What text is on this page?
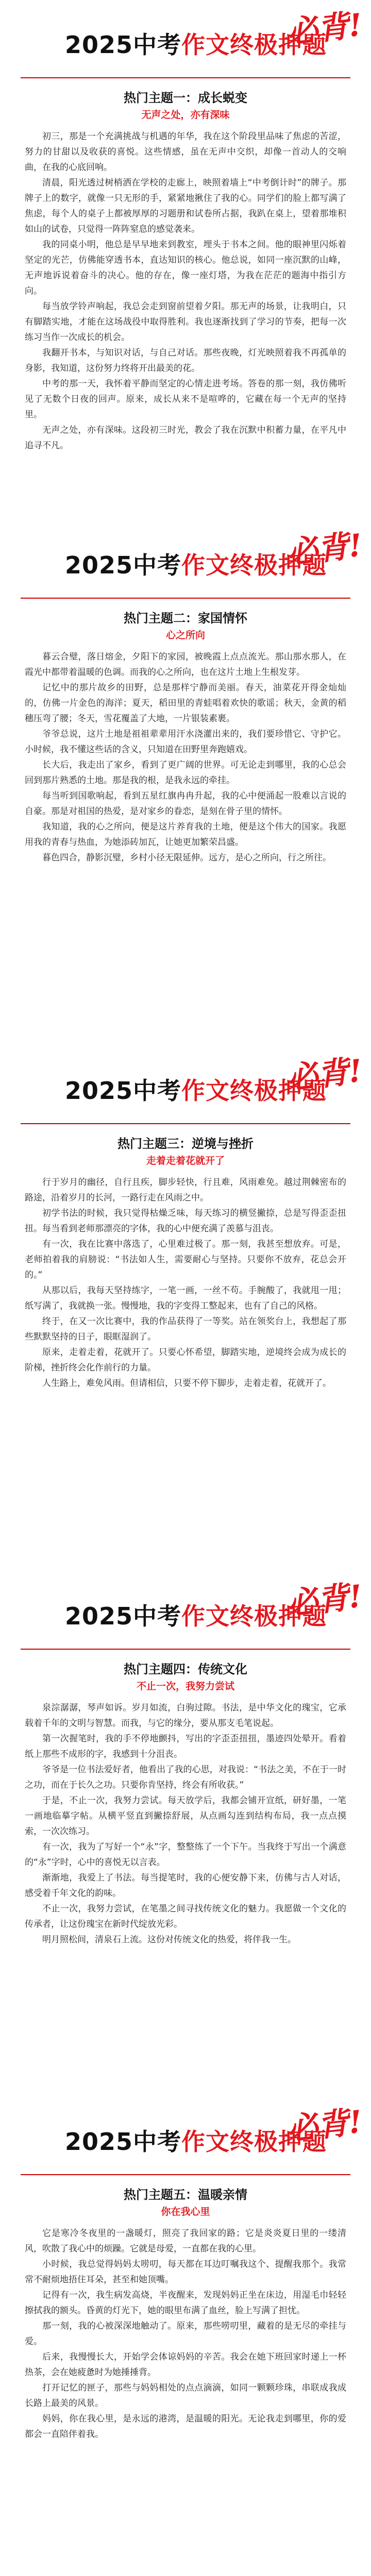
2025中考作文终极押题
必背!
热门主题一：成长蜕变
无声之处，亦有深味

初三，那是一个充满挑战与机遇的年华，我在这个阶段里品味了焦虑的苦涩，努力的甘甜以及收获的喜悦。这些情感，虽在无声中交织，却像一首动人的交响曲，在我的心底回响。

清晨，阳光透过树梢洒在学校的走廊上，映照着墙上“中考倒计时”的牌子。那牌子上的数字，就像一只无形的手，紧紧地揪住了我的心。同学们的脸上都写满了焦虑，每个人的桌子上都被厚厚的习题册和试卷所占据，我趴在桌上，望着那堆积如山的试卷，只觉得一阵阵窒息的感觉袭来。

我的同桌小明，他总是早早地来到教室，埋头于书本之间。他的眼神里闪烁着坚定的光芒，仿佛能穿透书本，直达知识的核心。他总说，如同一座沉默的山峰，无声地诉说着奋斗的决心。他的存在，像一座灯塔，为我在茫茫的题海中指引方向。

每当放学铃声响起，我总会走到窗前望着夕阳。那无声的场景，让我明白，只有脚踏实地，才能在这场战役中取得胜利。我也逐渐找到了学习的节奏，把每一次练习当作一次成长的机会。

我翻开书本，与知识对话，与自己对话。那些夜晚，灯光映照着我不再孤单的身影，我知道，这份努力终将开出最美的花。

中考的那一天，我怀着平静而坚定的心情走进考场。答卷的那一刻，我仿佛听见了无数个日夜的回声。原来，成长从来不是喧哗的，它藏在每一个无声的坚持里。

无声之处，亦有深味。这段初三时光，教会了我在沉默中积蓄力量，在平凡中追寻不凡。

2025中考作文终极押题
必背!
热门主题二：家国情怀
心之所向

暮云合璧，落日熔金，夕阳下的家园，被晚霞上点点流光。那山那水那人，在霞光中都带着温暖的色调。而我的心之所向，也在这片土地上生根发芽。

记忆中的那片故乡的田野，总是那样宁静而美丽。春天，油菜花开得金灿灿的，仿佛一片金色的海洋；夏天，稻田里的青蛙唱着欢快的歌谣；秋天，金黄的稻穗压弯了腰；冬天，雪花覆盖了大地，一片银装素裹。

爷爷总说，这片土地是祖祖辈辈用汗水浇灌出来的，我们要珍惜它、守护它。小时候，我不懂这些话的含义，只知道在田野里奔跑嬉戏。

长大后，我走出了家乡，看到了更广阔的世界。可无论走到哪里，我的心总会回到那片熟悉的土地。那是我的根，是我永远的牵挂。

每当听到国歌响起，看到五星红旗冉冉升起，我的心中便涌起一股难以言说的自豪。那是对祖国的热爱，是对家乡的眷恋，是刻在骨子里的情怀。

我知道，我的心之所向，便是这片养育我的土地，便是这个伟大的国家。我愿用我的青春与热血，为她添砖加瓦，让她更加繁荣昌盛。

暮色四合，静影沉璧，乡村小径无限延伸。远方，是心之所向，行之所往。

2025中考作文终极押题
必背!
热门主题三：逆境与挫折
走着走着花就开了

行于岁月的幽径，自行且疾，脚步轻快，行且难，风雨难免。越过荆棘密布的路途，沿着岁月的长河，一路行走在风雨之中。

初学书法的时候，我只觉得枯燥乏味，每天练习的横竖撇捺，总是写得歪歪扭扭。每当看到老师那漂亮的字体，我的心中便充满了羡慕与沮丧。

有一次，我在比赛中落选了，心里难过极了。那一刻，我甚至想放弃。可是，老师拍着我的肩膀说：“书法如人生，需要耐心与坚持。只要你不放弃，花总会开的。”

从那以后，我每天坚持练字，一笔一画，一丝不苟。手腕酸了，我就甩一甩；纸写满了，我就换一张。慢慢地，我的字变得工整起来，也有了自己的风格。

终于，在又一次比赛中，我的作品获得了一等奖。站在领奖台上，我想起了那些默默坚持的日子，眼眶湿润了。

原来，走着走着，花就开了。只要心怀希望，脚踏实地，逆境终会成为成长的阶梯，挫折终会化作前行的力量。

人生路上，难免风雨。但请相信，只要不停下脚步，走着走着，花就开了。

2025中考作文终极押题
必背!
热门主题四：传统文化
不止一次，我努力尝试

泉淙潺潺，琴声如诉。岁月如流，白驹过隙。书法，是中华文化的瑰宝，它承载着千年的文明与智慧。而我，与它的缘分，要从那支毛笔说起。

第一次握笔时，我的手不停地颤抖，写出的字歪歪扭扭，墨迹四处晕开。看着纸上那些不成形的字，我感到十分沮丧。

爷爷是一位书法爱好者，他看出了我的心思，对我说：“书法之美，不在于一时之功，而在于长久之功。只要你肯坚持，终会有所收获。”

于是，不止一次，我努力尝试。每天放学后，我都会铺开宣纸，研好墨，一笔一画地临摹字帖。从横平竖直到撇捺舒展，从点画勾连到结构布局，我一点点摸索，一次次练习。

有一次，我为了写好一个“永”字，整整练了一个下午。当我终于写出一个满意的“永”字时，心中的喜悦无以言表。

渐渐地，我爱上了书法。每当提笔时，我的心便安静下来，仿佛与古人对话，感受着千年文化的韵味。

不止一次，我努力尝试，在笔墨之间寻找传统文化的魅力。我愿做一个文化的传承者，让这份瑰宝在新时代绽放光彩。

明月照松间，清泉石上流。这份对传统文化的热爱，将伴我一生。

2025中考作文终极押题
必背!
热门主题五：温暖亲情
你在我心里

它是寒冷冬夜里的一盏暖灯，照亮了我回家的路；它是炎炎夏日里的一缕清风，吹散了我心中的烦躁。它就是母爱，一直都在我的心里。

小时候，我总觉得妈妈太唠叨，每天都在耳边叮嘱我这个、提醒我那个。我常常不耐烦地捂住耳朵，甚至和她顶嘴。

记得有一次，我生病发高烧，半夜醒来，发现妈妈正坐在床边，用湿毛巾轻轻擦拭我的额头。昏黄的灯光下，她的眼里布满了血丝，脸上写满了担忧。

那一刻，我的心被深深地触动了。原来，那些唠叨里，藏着的是无尽的牵挂与爱。

后来，我慢慢长大，开始学会体谅妈妈的辛苦。我会在她下班回家时递上一杯热茶，会在她疲惫时为她捶捶背。

打开记忆的匣子，那些与妈妈相处的点点滴滴，如同一颗颗珍珠，串联成我成长路上最美的风景。

妈妈，你在我心里，是永远的港湾，是温暖的阳光。无论我走到哪里，你的爱都会一直陪伴着我。
